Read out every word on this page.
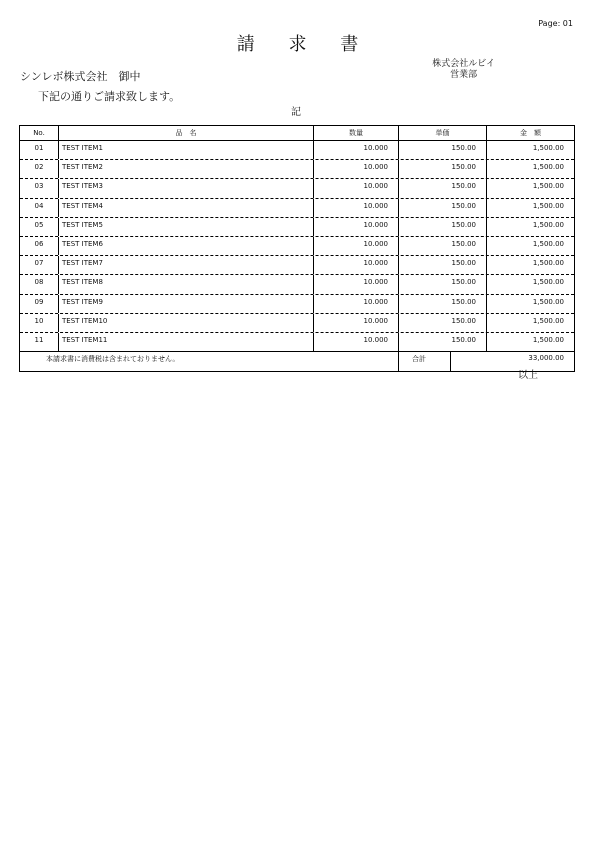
Page: 01
請 求 書
シンレボ株式会社　御中
株式会社ルビイ
営業部
下記の通りご請求致します。
記
No.	品　名	数量	単価	金　額
01	TEST ITEM1	10.000	150.00	1,500.00
02	TEST ITEM2	10.000	150.00	1,500.00
03	TEST ITEM3	10.000	150.00	1,500.00
04	TEST ITEM4	10.000	150.00	1,500.00
05	TEST ITEM5	10.000	150.00	1,500.00
06	TEST ITEM6	10.000	150.00	1,500.00
07	TEST ITEM7	10.000	150.00	1,500.00
08	TEST ITEM8	10.000	150.00	1,500.00
09	TEST ITEM9	10.000	150.00	1,500.00
10	TEST ITEM10	10.000	150.00	1,500.00
11	TEST ITEM11	10.000	150.00	1,500.00
本請求書に消費税は含まれておりません。	合計	33,000.00
以上
